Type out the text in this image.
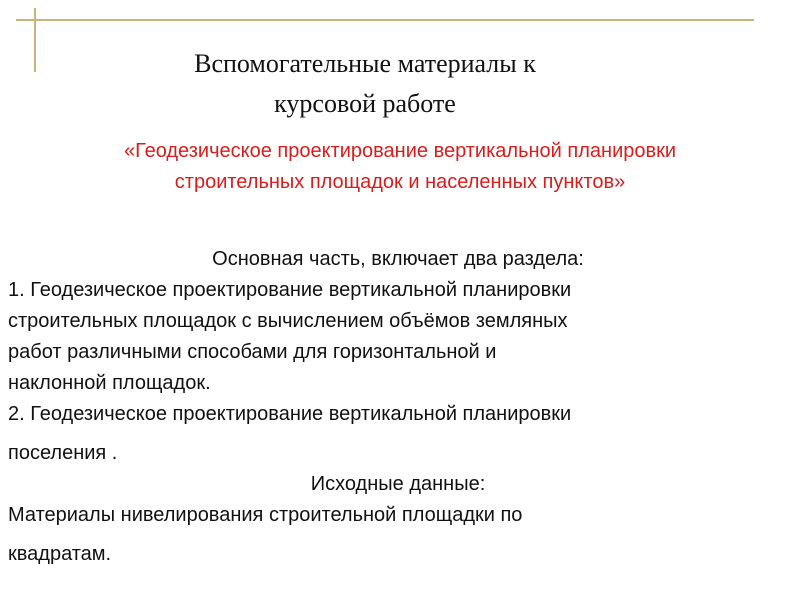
Вспомогательные материалы к
курсовой работе
«Геодезическое проектирование вертикальной планировки
строительных площадок и населенных пунктов»
Основная часть, включает два раздела:
1. Геодезическое проектирование вертикальной планировки
строительных площадок с вычислением объёмов земляных
работ различными способами для горизонтальной и
наклонной площадок.
2. Геодезическое проектирование вертикальной планировки
поселения .
Исходные данные:
Материалы нивелирования строительной площадки по
квадратам.
